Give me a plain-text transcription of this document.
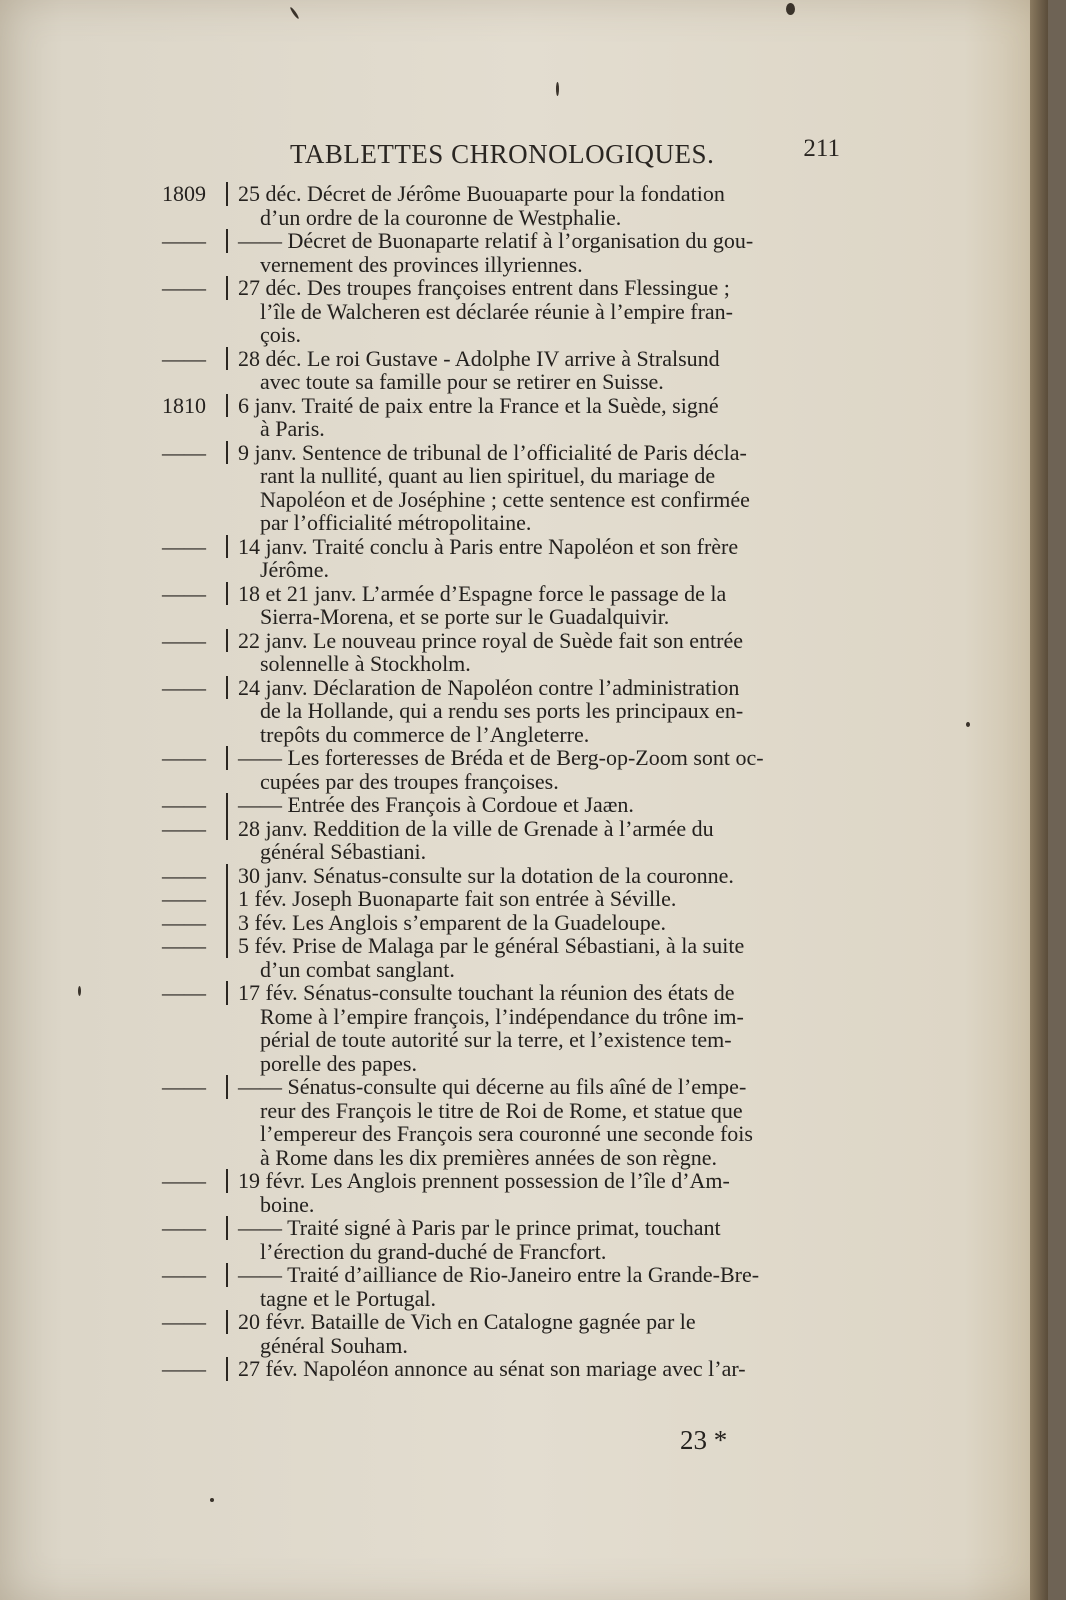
TABLETTES CHRONOLOGIQUES.	211
1809	25 déc. Décret de Jérôme Buouaparte pour la fondation
d’un ordre de la couronne de Westphalie.
——	—— Décret de Buonaparte relatif à l’organisation du gou-
vernement des provinces illyriennes.
——	27 déc. Des troupes françoises entrent dans Flessingue ;
l’île de Walcheren est déclarée réunie à l’empire fran-
çois.
——	28 déc. Le roi Gustave - Adolphe IV arrive à Stralsund
avec toute sa famille pour se retirer en Suisse.
1810	6 janv. Traité de paix entre la France et la Suède, signé
à Paris.
——	9 janv. Sentence de tribunal de l’officialité de Paris décla-
rant la nullité, quant au lien spirituel, du mariage de
Napoléon et de Joséphine ; cette sentence est confirmée
par l’officialité métropolitaine.
——	14 janv. Traité conclu à Paris entre Napoléon et son frère
Jérôme.
——	18 et 21 janv. L’armée d’Espagne force le passage de la
Sierra-Morena, et se porte sur le Guadalquivir.
——	22 janv. Le nouveau prince royal de Suède fait son entrée
solennelle à Stockholm.
——	24 janv. Déclaration de Napoléon contre l’administration
de la Hollande, qui a rendu ses ports les principaux en-
trepôts du commerce de l’Angleterre.
——	—— Les forteresses de Bréda et de Berg-op-Zoom sont oc-
cupées par des troupes françoises.
——	—— Entrée des François à Cordoue et Jaæn.
——	28 janv. Reddition de la ville de Grenade à l’armée du
général Sébastiani.
——	30 janv. Sénatus-consulte sur la dotation de la couronne.
——	1 fév. Joseph Buonaparte fait son entrée à Séville.
——	3 fév. Les Anglois s’emparent de la Guadeloupe.
——	5 fév. Prise de Malaga par le général Sébastiani, à la suite
d’un combat sanglant.
——	17 fév. Sénatus-consulte touchant la réunion des états de
Rome à l’empire françois, l’indépendance du trône im-
périal de toute autorité sur la terre, et l’existence tem-
porelle des papes.
——	—— Sénatus-consulte qui décerne au fils aîné de l’empe-
reur des François le titre de Roi de Rome, et statue que
l’empereur des François sera couronné une seconde fois
à Rome dans les dix premières années de son règne.
——	19 févr. Les Anglois prennent possession de l’île d’Am-
boine.
——	—— Traité signé à Paris par le prince primat, touchant
l’érection du grand-duché de Francfort.
——	—— Traité d’ailliance de Rio-Janeiro entre la Grande-Bre-
tagne et le Portugal.
——	20 févr. Bataille de Vich en Catalogne gagnée par le
général Souham.
——	27 fév. Napoléon annonce au sénat son mariage avec l’ar-
23 *
